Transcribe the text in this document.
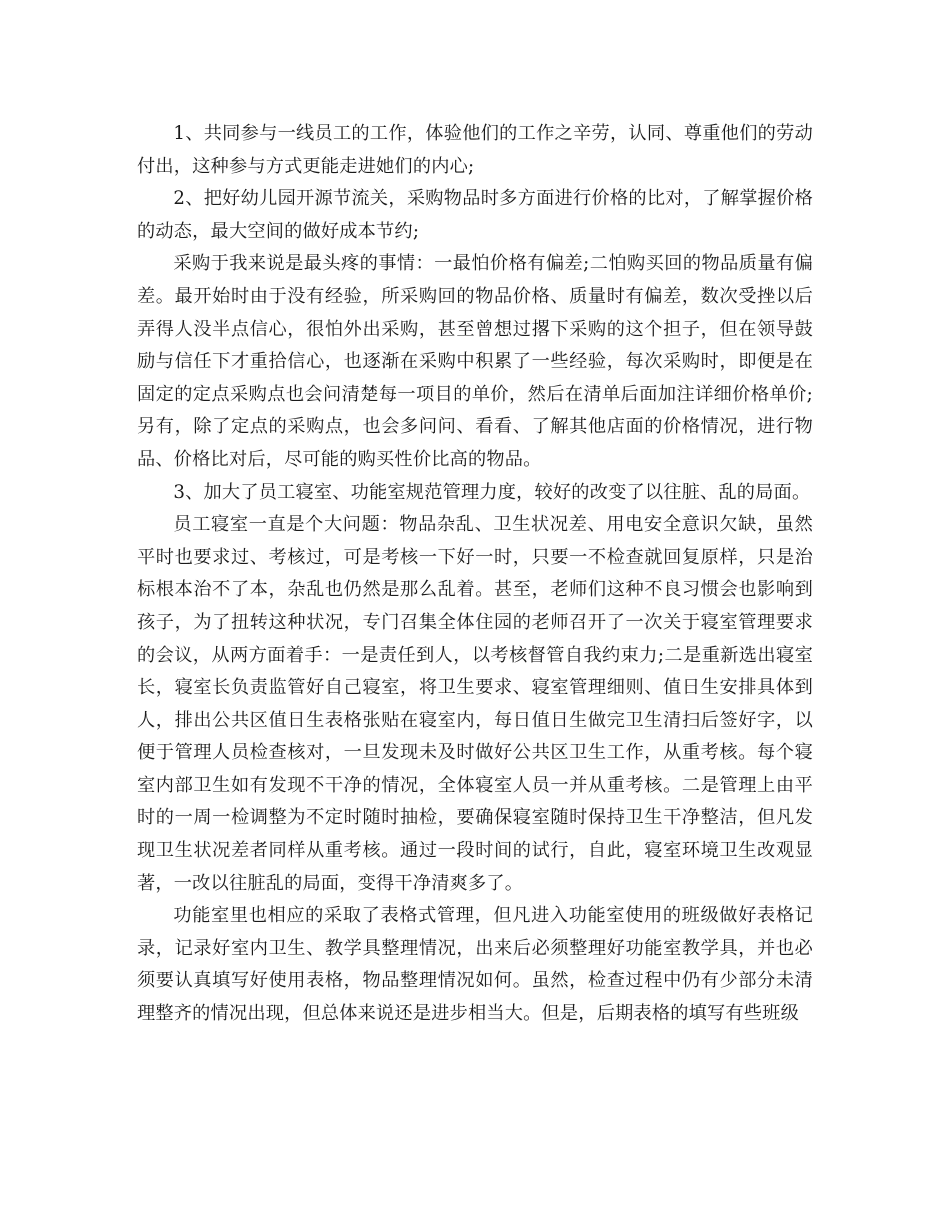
1、共同参与一线员工的工作，体验他们的工作之辛劳，认同、尊重他们的劳动付出，这种参与方式更能走进她们的内心;

2、把好幼儿园开源节流关，采购物品时多方面进行价格的比对，了解掌握价格的动态，最大空间的做好成本节约;

采购于我来说是最头疼的事情：一最怕价格有偏差;二怕购买回的物品质量有偏差。最开始时由于没有经验，所采购回的物品价格、质量时有偏差，数次受挫以后弄得人没半点信心，很怕外出采购，甚至曾想过撂下采购的这个担子，但在领导鼓励与信任下才重拾信心，也逐渐在采购中积累了一些经验，每次采购时，即便是在固定的定点采购点也会问清楚每一项目的单价，然后在清单后面加注详细价格单价;另有，除了定点的采购点，也会多问问、看看、了解其他店面的价格情况，进行物品、价格比对后，尽可能的购买性价比高的物品。

3、加大了员工寝室、功能室规范管理力度，较好的改变了以往脏、乱的局面。

员工寝室一直是个大问题：物品杂乱、卫生状况差、用电安全意识欠缺，虽然平时也要求过、考核过，可是考核一下好一时，只要一不检查就回复原样，只是治标根本治不了本，杂乱也仍然是那么乱着。甚至，老师们这种不良习惯会也影响到孩子，为了扭转这种状况，专门召集全体住园的老师召开了一次关于寝室管理要求的会议，从两方面着手：一是责任到人，以考核督管自我约束力;二是重新选出寝室长，寝室长负责监管好自己寝室，将卫生要求、寝室管理细则、值日生安排具体到人，排出公共区值日生表格张贴在寝室内，每日值日生做完卫生清扫后签好字，以便于管理人员检查核对，一旦发现未及时做好公共区卫生工作，从重考核。每个寝室内部卫生如有发现不干净的情况，全体寝室人员一并从重考核。二是管理上由平时的一周一检调整为不定时随时抽检，要确保寝室随时保持卫生干净整洁，但凡发现卫生状况差者同样从重考核。通过一段时间的试行，自此，寝室环境卫生改观显著，一改以往脏乱的局面，变得干净清爽多了。

功能室里也相应的采取了表格式管理，但凡进入功能室使用的班级做好表格记录，记录好室内卫生、教学具整理情况，出来后必须整理好功能室教学具，并也必须要认真填写好使用表格，物品整理情况如何。虽然，检查过程中仍有少部分未清理整齐的情况出现，但总体来说还是进步相当大。但是，后期表格的填写有些班级
